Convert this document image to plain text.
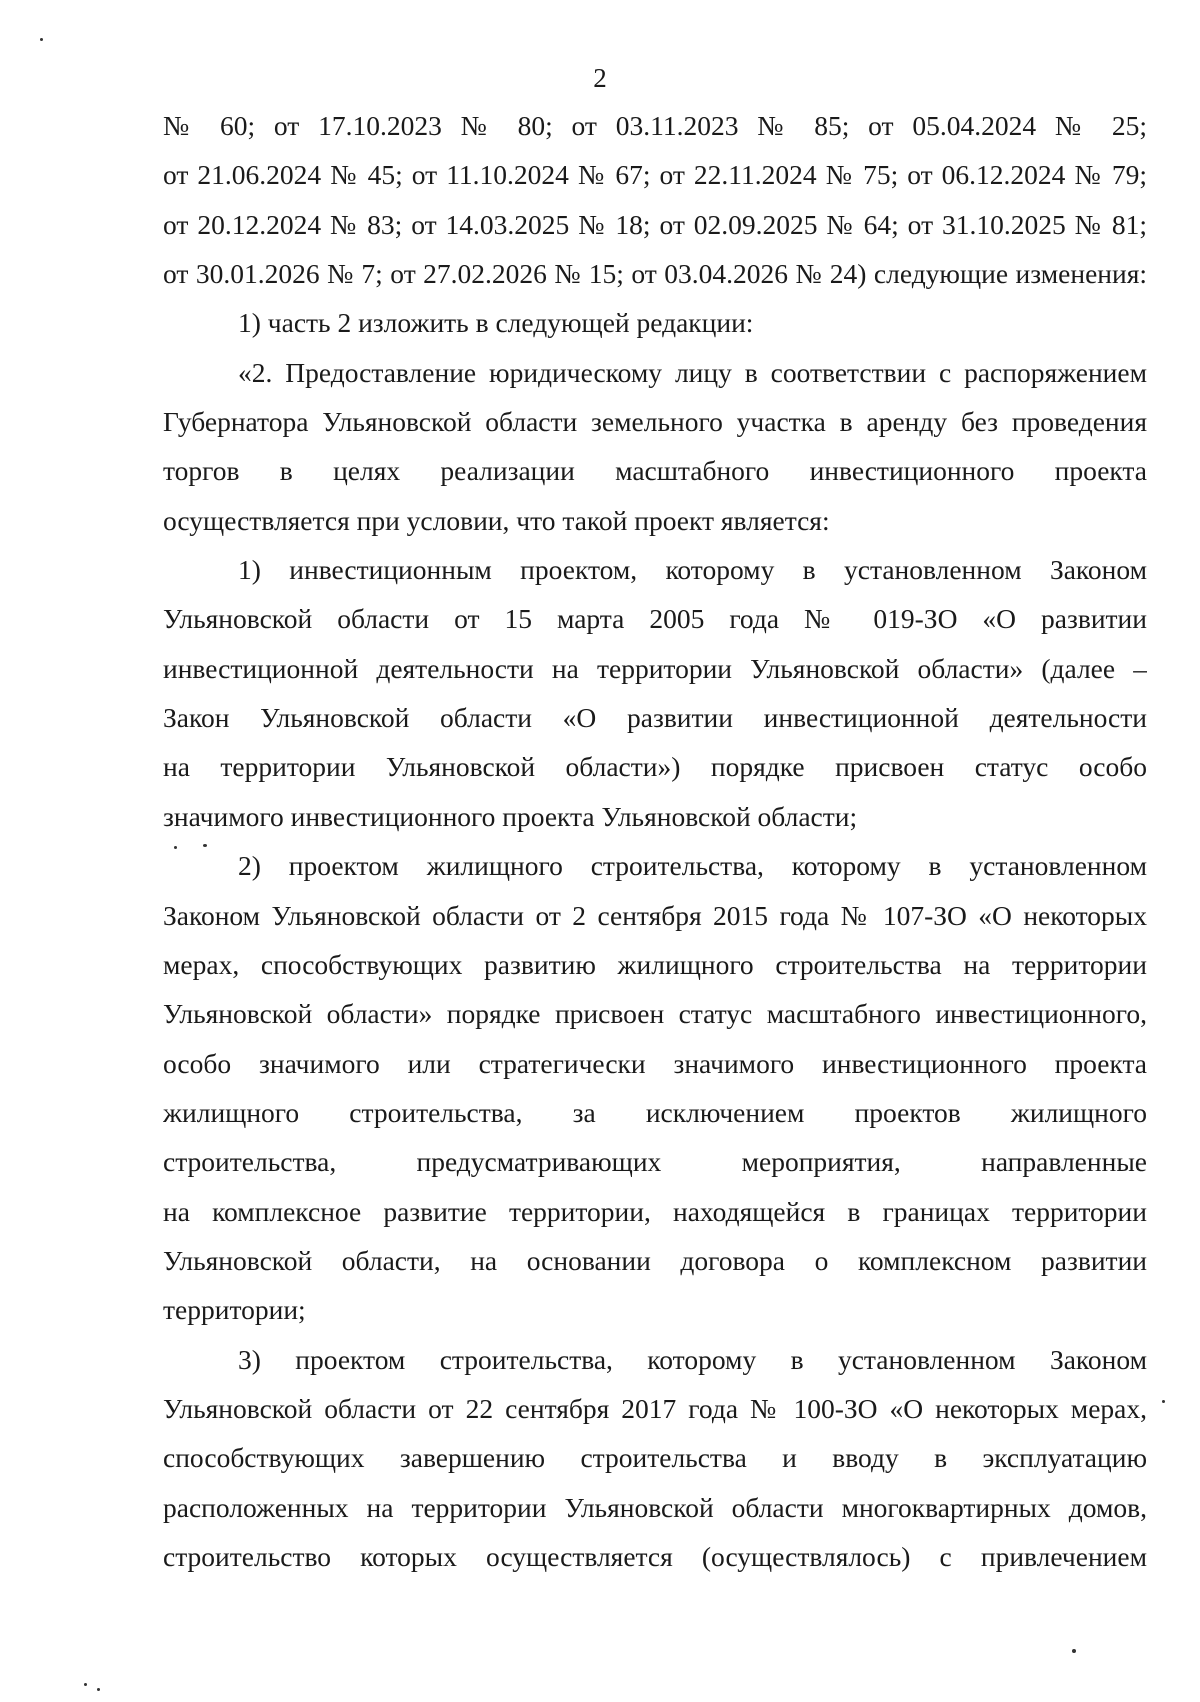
2
№ 60; от 17.10.2023 № 80; от 03.11.2023 № 85; от 05.04.2024 № 25;
от 21.06.2024 № 45; от 11.10.2024 № 67; от 22.11.2024 № 75; от 06.12.2024 № 79;
от 20.12.2024 № 83; от 14.03.2025 № 18; от 02.09.2025 № 64; от 31.10.2025 № 81;
от 30.01.2026 № 7; от 27.02.2026 № 15; от 03.04.2026 № 24) следующие изменения:
1) часть 2 изложить в следующей редакции:
«2. Предоставление юридическому лицу в соответствии с распоряжением
Губернатора Ульяновской области земельного участка в аренду без проведения
торгов в целях реализации масштабного инвестиционного проекта
осуществляется при условии, что такой проект является:
1) инвестиционным проектом, которому в установленном Законом
Ульяновской области от 15 марта 2005 года № 019-ЗО «О развитии
инвестиционной деятельности на территории Ульяновской области» (далее –
Закон Ульяновской области «О развитии инвестиционной деятельности
на территории Ульяновской области») порядке присвоен статус особо
значимого инвестиционного проекта Ульяновской области;
2) проектом жилищного строительства, которому в установленном
Законом Ульяновской области от 2 сентября 2015 года № 107-ЗО «О некоторых
мерах, способствующих развитию жилищного строительства на территории
Ульяновской области» порядке присвоен статус масштабного инвестиционного,
особо значимого или стратегически значимого инвестиционного проекта
жилищного строительства, за исключением проектов жилищного
строительства, предусматривающих мероприятия, направленные
на комплексное развитие территории, находящейся в границах территории
Ульяновской области, на основании договора о комплексном развитии
территории;
3) проектом строительства, которому в установленном Законом
Ульяновской области от 22 сентября 2017 года № 100-ЗО «О некоторых мерах,
способствующих завершению строительства и вводу в эксплуатацию
расположенных на территории Ульяновской области многоквартирных домов,
строительство которых осуществляется (осуществлялось) с привлечением
